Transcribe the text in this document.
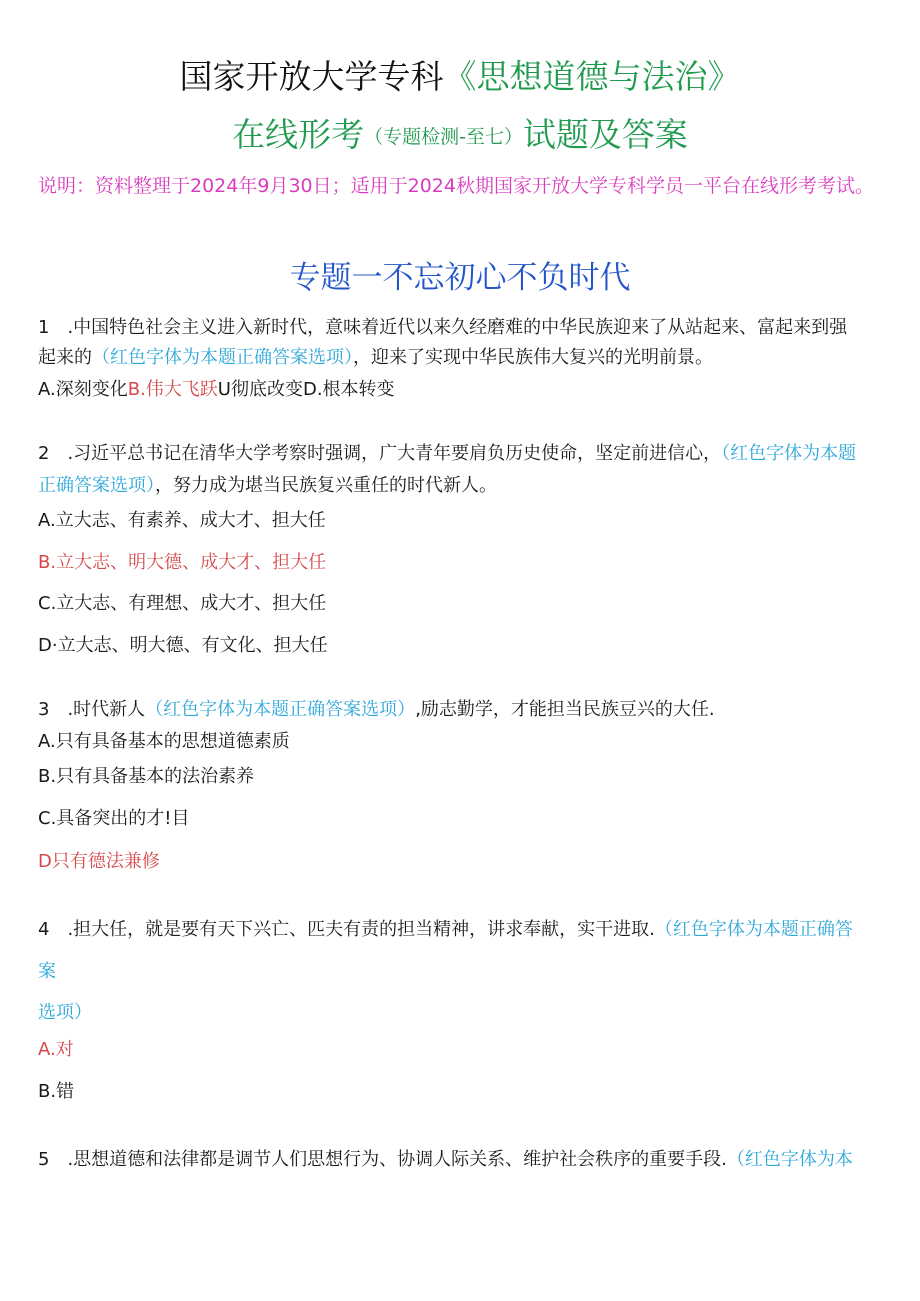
国家开放大学专科《思想道德与法治》
在线形考（专题检测-至七）试题及答案
说明：资料整理于2024年9月30日；适用于2024秋期国家开放大学专科学员一平台在线形考考试。
专题一不忘初心不负时代
1　.中国特色社会主义进入新时代，意味着近代以来久经磨难的中华民族迎来了从站起来、富起来到强
起来的（红色字体为本题正确答案选项），迎来了实现中华民族伟大复兴的光明前景。
A.深刻变化B.伟大飞跃U彻底改变D.根本转变
2　.习近平总书记在清华大学考察时强调，广大青年要肩负历史使命，坚定前进信心，（红色字体为本题
正确答案选项），努力成为堪当民族复兴重任的时代新人。
A.立大志、有素养、成大才、担大任
B.立大志、明大德、成大才、担大任
C.立大志、有理想、成大才、担大任
D·立大志、明大德、有文化、担大任
3　.时代新人（红色字体为本题正确答案选项）,励志勤学，才能担当民族豆兴的大任.
A.只有具备基本的思想道德素质
B.只有具备基本的法治素养
C.具备突出的才!目
D只有德法兼修
4　.担大任，就是要有天下兴亡、匹夫有责的担当精神，讲求奉献，实干进取.（红色字体为本题正确答
案
选项）
A.对
B.错
5　.思想道德和法律都是调节人们思想行为、协调人际关系、维护社会秩序的重要手段.（红色字体为本
